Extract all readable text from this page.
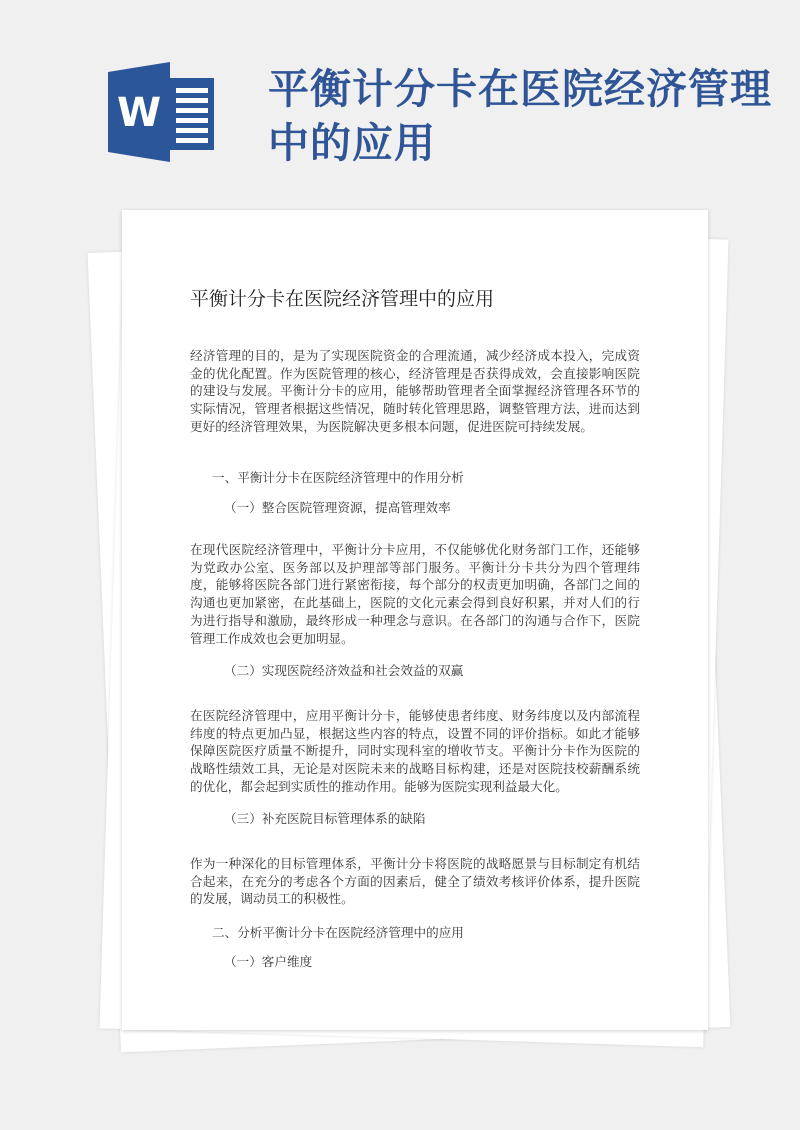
W	平衡计分卡在医院经济管理中的应用
平衡计分卡在医院经济管理中的应用
经济管理的目的，是为了实现医院资金的合理流通，减少经济成本投入，完成资金的优化配置。作为医院管理的核心，经济管理是否获得成效，会直接影响医院的建设与发展。平衡计分卡的应用，能够帮助管理者全面掌握经济管理各环节的实际情况，管理者根据这些情况，随时转化管理思路，调整管理方法，进而达到更好的经济管理效果，为医院解决更多根本问题，促进医院可持续发展。
一、平衡计分卡在医院经济管理中的作用分析
（一）整合医院管理资源，提高管理效率
在现代医院经济管理中，平衡计分卡应用，不仅能够优化财务部门工作，还能够为党政办公室、医务部以及护理部等部门服务。平衡计分卡共分为四个管理纬度，能够将医院各部门进行紧密衔接，每个部分的权责更加明确，各部门之间的沟通也更加紧密，在此基础上，医院的文化元素会得到良好积累，并对人们的行为进行指导和激励，最终形成一种理念与意识。在各部门的沟通与合作下，医院管理工作成效也会更加明显。
（二）实现医院经济效益和社会效益的双赢
在医院经济管理中，应用平衡计分卡，能够使患者纬度、财务纬度以及内部流程纬度的特点更加凸显，根据这些内容的特点，设置不同的评价指标。如此才能够保障医院医疗质量不断提升，同时实现科室的增收节支。平衡计分卡作为医院的战略性绩效工具，无论是对医院未来的战略目标构建，还是对医院技校薪酬系统的优化，都会起到实质性的推动作用。能够为医院实现利益最大化。
（三）补充医院目标管理体系的缺陷
作为一种深化的目标管理体系，平衡计分卡将医院的战略愿景与目标制定有机结合起来，在充分的考虑各个方面的因素后，健全了绩效考核评价体系，提升医院的发展，调动员工的积极性。
二、分析平衡计分卡在医院经济管理中的应用
（一）客户维度
